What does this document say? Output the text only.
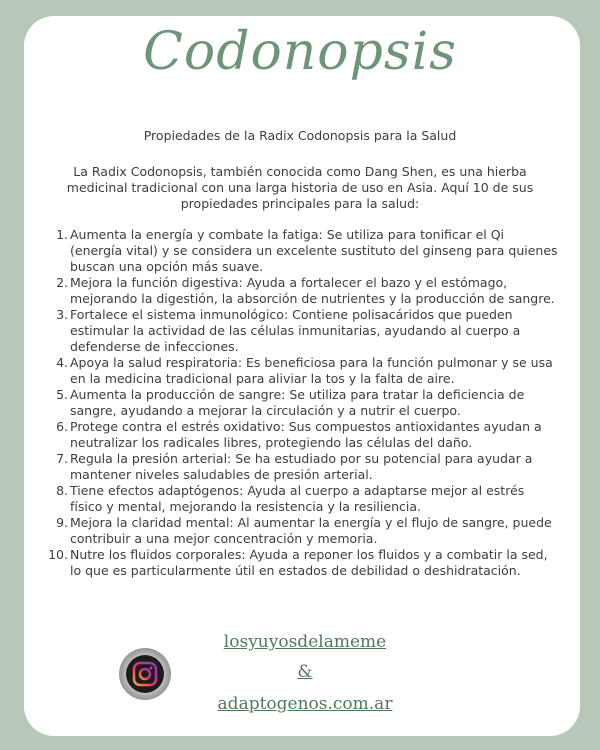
Codonopsis
Propiedades de la Radix Codonopsis para la Salud
La Radix Codonopsis, también conocida como Dang Shen, es una hierba medicinal tradicional con una larga historia de uso en Asia. Aquí 10 de sus propiedades principales para la salud:
1. Aumenta la energía y combate la fatiga: Se utiliza para tonificar el Qi (energía vital) y se considera un excelente sustituto del ginseng para quienes buscan una opción más suave.
2. Mejora la función digestiva: Ayuda a fortalecer el bazo y el estómago, mejorando la digestión, la absorción de nutrientes y la producción de sangre.
3. Fortalece el sistema inmunológico: Contiene polisacáridos que pueden estimular la actividad de las células inmunitarias, ayudando al cuerpo a defenderse de infecciones.
4. Apoya la salud respiratoria: Es beneficiosa para la función pulmonar y se usa en la medicina tradicional para aliviar la tos y la falta de aire.
5. Aumenta la producción de sangre: Se utiliza para tratar la deficiencia de sangre, ayudando a mejorar la circulación y a nutrir el cuerpo.
6. Protege contra el estrés oxidativo: Sus compuestos antioxidantes ayudan a neutralizar los radicales libres, protegiendo las células del daño.
7. Regula la presión arterial: Se ha estudiado por su potencial para ayudar a mantener niveles saludables de presión arterial.
8. Tiene efectos adaptógenos: Ayuda al cuerpo a adaptarse mejor al estrés físico y mental, mejorando la resistencia y la resiliencia.
9. Mejora la claridad mental: Al aumentar la energía y el flujo de sangre, puede contribuir a una mejor concentración y memoria.
10. Nutre los fluidos corporales: Ayuda a reponer los fluidos y a combatir la sed, lo que es particularmente útil en estados de debilidad o deshidratación.
losyuyosdelameme
&
adaptogenos.com.ar
